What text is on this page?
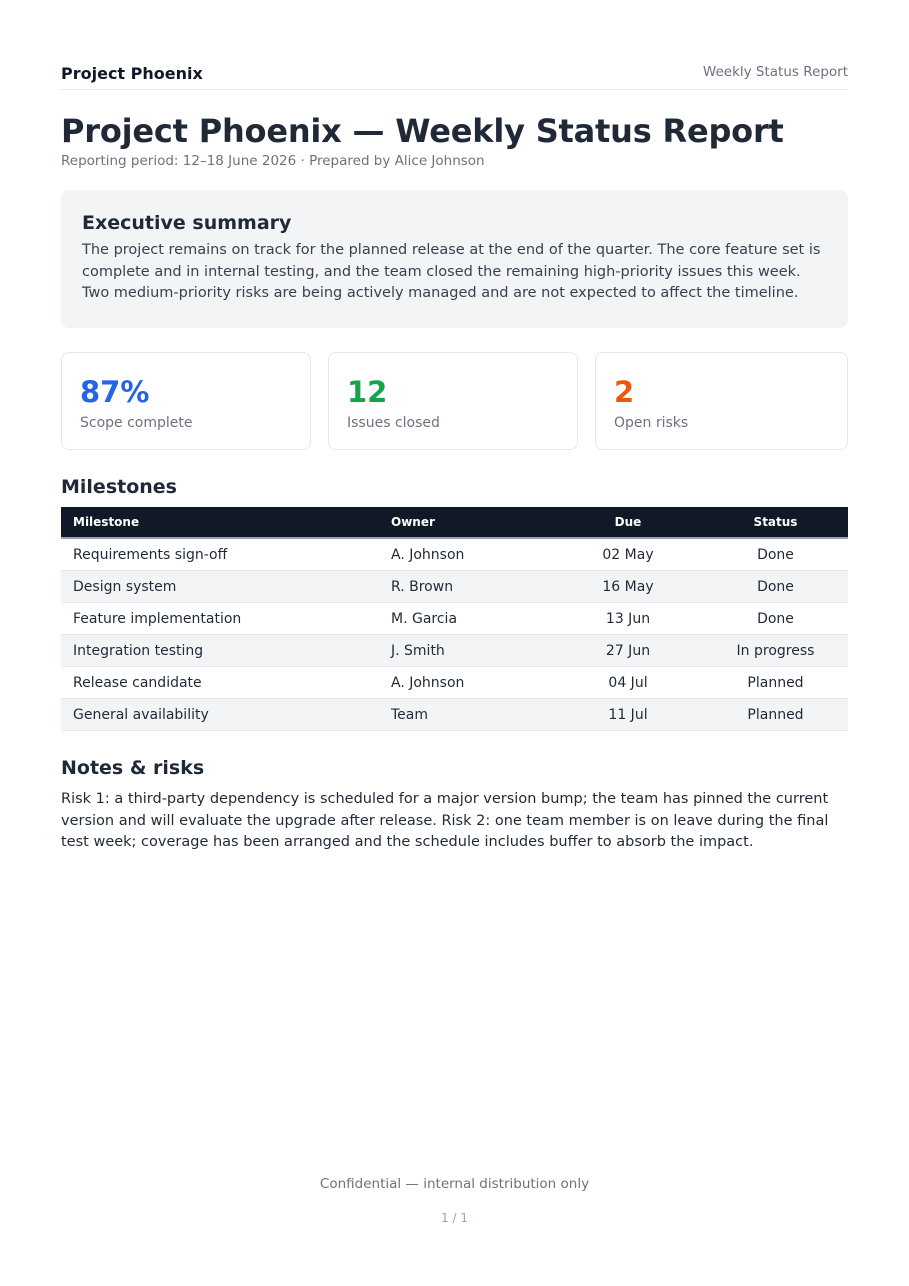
Project Phoenix	Weekly Status Report
Project Phoenix — Weekly Status Report
Reporting period: 12–18 June 2026 · Prepared by Alice Johnson
Executive summary
The project remains on track for the planned release at the end of the quarter. The core feature set is complete and in internal testing, and the team closed the remaining high-priority issues this week. Two medium-priority risks are being actively managed and are not expected to affect the timeline.
87%
Scope complete
12
Issues closed
2
Open risks
Milestones
Milestone	Owner	Due	Status
Requirements sign-off	A. Johnson	02 May	Done
Design system	R. Brown	16 May	Done
Feature implementation	M. Garcia	13 Jun	Done
Integration testing	J. Smith	27 Jun	In progress
Release candidate	A. Johnson	04 Jul	Planned
General availability	Team	11 Jul	Planned
Notes & risks
Risk 1: a third-party dependency is scheduled for a major version bump; the team has pinned the current version and will evaluate the upgrade after release. Risk 2: one team member is on leave during the final test week; coverage has been arranged and the schedule includes buffer to absorb the impact.
Confidential — internal distribution only
1 / 1
